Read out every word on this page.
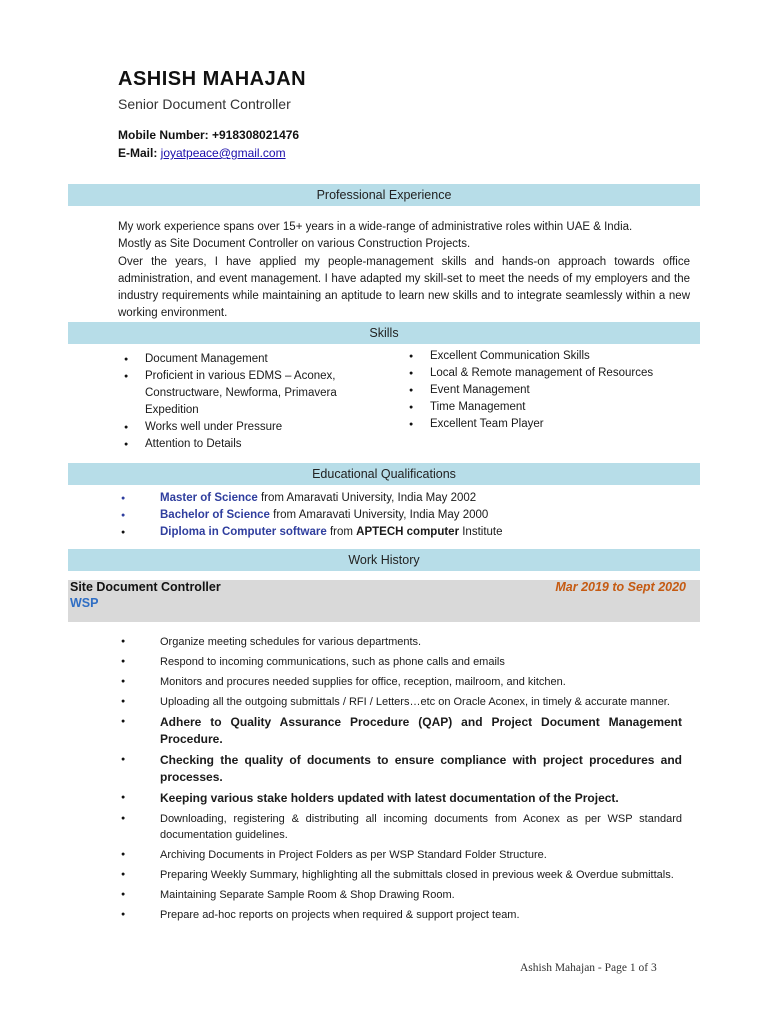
ASHISH MAHAJAN
Senior Document Controller
Mobile Number: +918308021476
E-Mail: joyatpeace@gmail.com
Professional Experience
My work experience spans over 15+ years in a wide-range of administrative roles within UAE & India.
Mostly as Site Document Controller on various Construction Projects.
Over the years, I have applied my people-management skills and hands-on approach towards office administration, and event management. I have adapted my skill-set to meet the needs of my employers and the industry requirements while maintaining an aptitude to learn new skills and to integrate seamlessly within a new working environment.
Skills
● Document Management
● Proficient in various EDMS – Aconex, Constructware, Newforma, Primavera Expedition
● Works well under Pressure
● Attention to Details
● Excellent Communication Skills
● Local & Remote management of Resources
● Event Management
● Time Management
● Excellent Team Player
Educational Qualifications
● Master of Science from Amaravati University, India May 2002
● Bachelor of Science from Amaravati University, India May 2000
● Diploma in Computer software from APTECH computer Institute
Work History
Site Document Controller
WSP
Mar 2019 to Sept 2020
● Organize meeting schedules for various departments.
● Respond to incoming communications, such as phone calls and emails
● Monitors and procures needed supplies for office, reception, mailroom, and kitchen.
● Uploading all the outgoing submittals / RFI / Letters…etc on Oracle Aconex, in timely & accurate manner.
● Adhere to Quality Assurance Procedure (QAP) and Project Document Management Procedure.
● Checking the quality of documents to ensure compliance with project procedures and processes.
● Keeping various stake holders updated with latest documentation of the Project.
● Downloading, registering & distributing all incoming documents from Aconex as per WSP standard documentation guidelines.
● Archiving Documents in Project Folders as per WSP Standard Folder Structure.
● Preparing Weekly Summary, highlighting all the submittals closed in previous week & Overdue submittals.
● Maintaining Separate Sample Room & Shop Drawing Room.
● Prepare ad-hoc reports on projects when required & support project team.
Ashish Mahajan - Page 1 of 3
